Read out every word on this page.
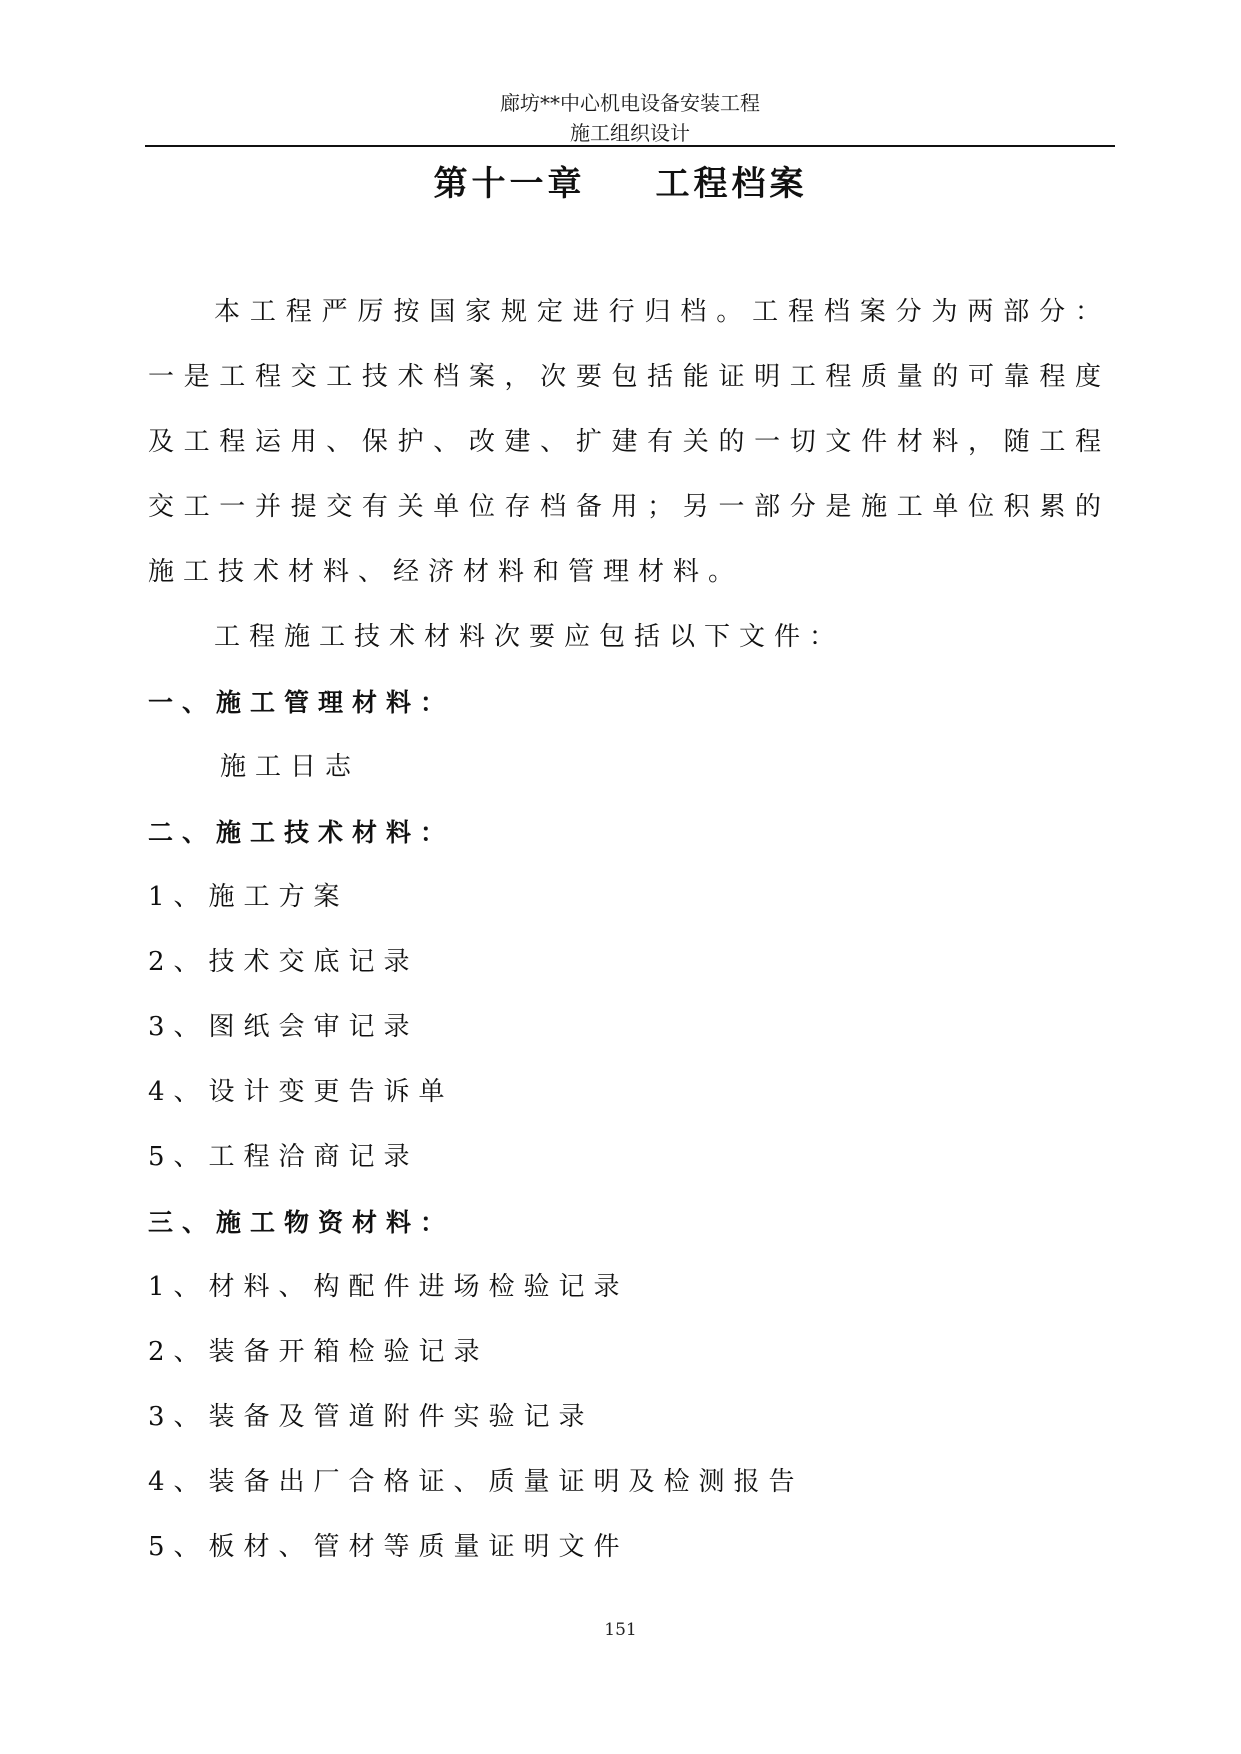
廊坊**中心机电设备安装工程
施工组织设计
第十一章 工程档案

本工程严厉按国家规定进行归档。工程档案分为两部分：一是工程交工技术档案，次要包括能证明工程质量的可靠程度及工程运用、保护、改建、扩建有关的一切文件材料，随工程交工一并提交有关单位存档备用；另一部分是施工单位积累的施工技术材料、经济材料和管理材料。

工程施工技术材料次要应包括以下文件：

一、施工管理材料：

施工日志

二、施工技术材料：

1、施工方案

2、技术交底记录

3、图纸会审记录

4、设计变更告诉单

5、工程洽商记录

三、施工物资材料：

1、材料、构配件进场检验记录

2、装备开箱检验记录

3、装备及管道附件实验记录

4、装备出厂合格证、质量证明及检测报告

5、板材、管材等质量证明文件

151
